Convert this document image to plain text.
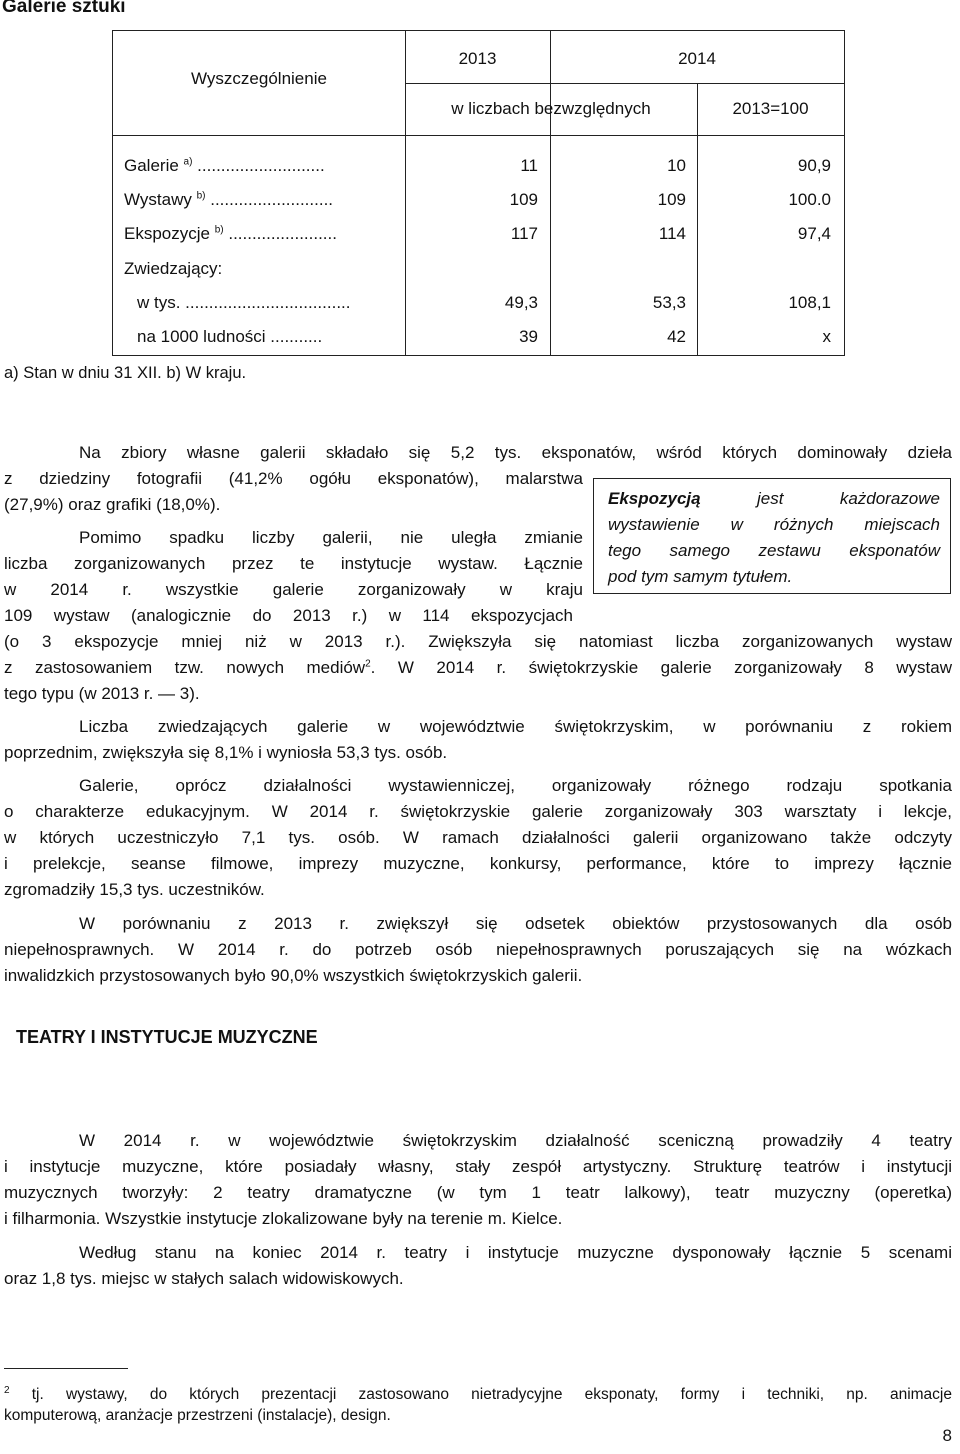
Galerie sztuki
Wyszczególnienie
2013	2014
w liczbach bezwzględnych	2013=100
Galerie $^{a)}$ ...........................	11	10	90,9
Wystawy $^{b)}$ ..........................	109	109	100.0
Ekspozycje $^{b)}$ .......................	117	114	97,4
Zwiedzający:
w tys. ...................................	49,3	53,3	108,1
na 1000 ludności ...........	39	42	x
a) Stan w dniu 31 XII. b) W kraju.
Na zbiory własne galerii składało się 5,2 tys. eksponatów, wśród których dominowały dzieła
z dziedziny fotografii (41,2% ogółu eksponatów), malarstwa
(27,9%) oraz grafiki (18,0%).	Ekspozycją jest każdorazowe
wystawienie w różnych miejscach
tego samego zestawu eksponatów
pod tym samym tytułem.
Pomimo spadku liczby galerii, nie uległa zmianie
liczba zorganizowanych przez te instytucje wystaw. Łącznie
w 2014 r. wszystkie galerie zorganizowały w kraju
109 wystaw (analogicznie do 2013 r.) w 114 ekspozycjach
(o 3 ekspozycje mniej niż w 2013 r.). Zwiększyła się natomiast liczba zorganizowanych wystaw
z zastosowaniem tzw. nowych mediów$^2$. W 2014 r. świętokrzyskie galerie zorganizowały 8 wystaw
tego typu (w 2013 r. — 3).
Liczba zwiedzających galerie w województwie świętokrzyskim, w porównaniu z rokiem
poprzednim, zwiększyła się 8,1% i wyniosła 53,3 tys. osób.
Galerie, oprócz działalności wystawienniczej, organizowały różnego rodzaju spotkania
o charakterze edukacyjnym. W 2014 r. świętokrzyskie galerie zorganizowały 303 warsztaty i lekcje,
w których uczestniczyło 7,1 tys. osób. W ramach działalności galerii organizowano także odczyty
i prelekcje, seanse filmowe, imprezy muzyczne, konkursy, performance, które to imprezy łącznie
zgromadziły 15,3 tys. uczestników.
W porównaniu z 2013 r. zwiększył się odsetek obiektów przystosowanych dla osób
niepełnosprawnych. W 2014 r. do potrzeb osób niepełnosprawnych poruszających się na wózkach
inwalidzkich przystosowanych było 90,0% wszystkich świętokrzyskich galerii.
TEATRY I INSTYTUCJE MUZYCZNE
W 2014 r. w województwie świętokrzyskim działalność sceniczną prowadziły 4 teatry
i instytucje muzyczne, które posiadały własny, stały zespół artystyczny. Strukturę teatrów i instytucji
muzycznych tworzyły: 2 teatry dramatyczne (w tym 1 teatr lalkowy), teatr muzyczny (operetka)
i filharmonia. Wszystkie instytucje zlokalizowane były na terenie m. Kielce.
Według stanu na koniec 2014 r. teatry i instytucje muzyczne dysponowały łącznie 5 scenami
oraz 1,8 tys. miejsc w stałych salach widowiskowych.
$^2$ tj. wystawy, do których prezentacji zastosowano nietradycyjne eksponaty, formy i techniki, np. animacje
komputerową, aranżacje przestrzeni (instalacje), design.
8
